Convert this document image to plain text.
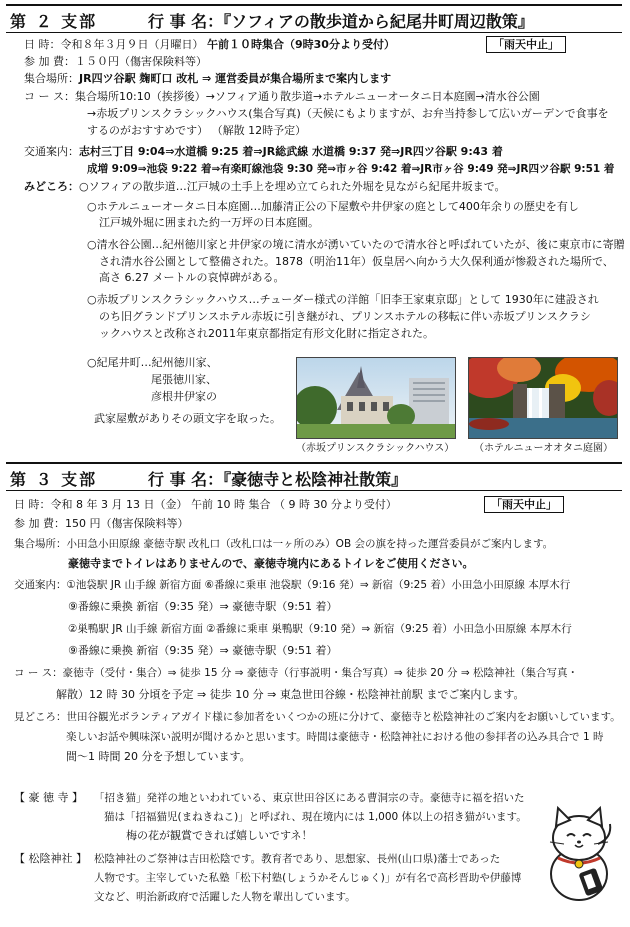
第 ２ 支部	行 事 名：『ソフィアの散歩道から紀尾井町周辺散策』
日 時：令和８年３月９日（月曜日） 午前１０時集合（9時30分より受付）	「雨天中止」
参 加 費：１５０円（傷害保険料等）
集合場所：JR四ツ谷駅 麹町口 改札 ⇒ 運営委員が集合場所まで案内します
コ ー ス：集合場所10:10（挨拶後）→ソフィア通り散歩道→ホテルニューオータニ日本庭園→清水谷公園
→赤坂プリンスクラシックハウス(集合写真)（天候にもよりますが、お弁当持参して広いガーデンで食事を
するのがおすすめです） （解散 12時予定）
交通案内：志村三丁目 9:04⇒水道橋 9:25 着⇒JR総武線 水道橋 9:37 発⇒JR四ツ谷駅 9:43 着
成増 9:09⇒池袋 9:22 着⇒有楽町線池袋 9:30 発⇒市ヶ谷 9:42 着⇒JR市ヶ谷 9:49 発⇒JR四ツ谷駅 9:51 着
みどころ：○ソフィアの散歩道…江戸城の土手上を埋め立てられた外堀を見ながら紀尾井坂まで。
○ホテルニューオータニ日本庭園…加藤清正公の下屋敷や井伊家の庭として400年余りの歴史を有し
江戸城外堀に囲まれた約一万坪の日本庭園。
○清水谷公園…紀州徳川家と井伊家の境に清水が湧いていたので清水谷と呼ばれていたが、後に東京市に寄贈
され清水谷公園として整備された。1878（明治11年）仮皇居へ向かう大久保利通が惨殺された場所で、
高さ 6.27 メートルの哀悼碑がある。
○赤坂プリンスクラシックハウス…チューダー様式の洋館「旧李王家東京邸」として 1930年に建設され
のち旧グランドプリンスホテル赤坂に引き継がれ、プリンスホテルの移転に伴い赤坂プリンスクラシ
ックハウスと改称され2011年東京都指定有形文化財に指定された。
○紀尾井町…紀州徳川家、
尾張徳川家、
彦根井伊家の
武家屋敷がありその頭文字を取った。
（赤坂プリンスクラシックハウス） （ホテルニューオオタニ庭園）
第 ３ 支部	行 事 名：『豪徳寺と松陰神社散策』
日 時：令和 8 年 3 月 13 日（金） 午前 10 時 集合 （ 9 時 30 分より受付）	「雨天中止」
参 加 費：150 円（傷害保険料等）
集合場所：小田急小田原線 豪徳寺駅 改札口（改札口は一ヶ所のみ）OB 会の旗を持った運営委員がご案内します。
豪徳寺までトイレはありませんので、豪徳寺境内にあるトイレをご使用ください。
交通案内：①池袋駅 JR 山手線 新宿方面 ⑥番線に乗車 池袋駅（9:16 発）⇒ 新宿（9:25 着）小田急小田原線 本厚木行
⑨番線に乗換 新宿（9:35 発）⇒ 豪徳寺駅（9:51 着）
②巣鴨駅 JR 山手線 新宿方面 ②番線に乗車 巣鴨駅（9:10 発）⇒ 新宿（9:25 着）小田急小田原線 本厚木行
⑨番線に乗換 新宿（9:35 発）⇒ 豪徳寺駅（9:51 着）
コ ー ス：豪徳寺（受付・集合）⇒ 徒歩 15 分 ⇒ 豪徳寺（行事説明・集合写真）⇒ 徒歩 20 分 ⇒ 松陰神社（集合写真・
解散）12 時 30 分頃を予定 ⇒ 徒歩 10 分 ⇒ 東急世田谷線・松陰神社前駅 までご案内します。
見どころ：世田谷観光ボランティアガイド様に参加者をいくつかの班に分けて、豪徳寺と松陰神社のご案内をお願いしています。
楽しいお話や興味深い説明が聞けるかと思います。時間は豪徳寺・松陰神社における他の参拝者の込み具合で 1 時
間〜1 時間 20 分を予想しています。
【 豪 徳 寺 】 「招き猫」発祥の地といわれている、東京世田谷区にある曹洞宗の寺。豪徳寺に福を招いた
猫は「招福猫児(まねきねこ)」と呼ばれ、現在境内には 1,000 体以上の招き猫がいます。
梅の花が観賞できれば嬉しいですネ！
【 松陰神社 】 松陰神社のご祭神は吉田松陰です。教育者であり、思想家、長州(山口県)藩士であった
人物です。主宰していた私塾「松下村塾(しょうかそんじゅく)」が有名で高杉晋助や伊藤博
文など、明治新政府で活躍した人物を輩出しています。
